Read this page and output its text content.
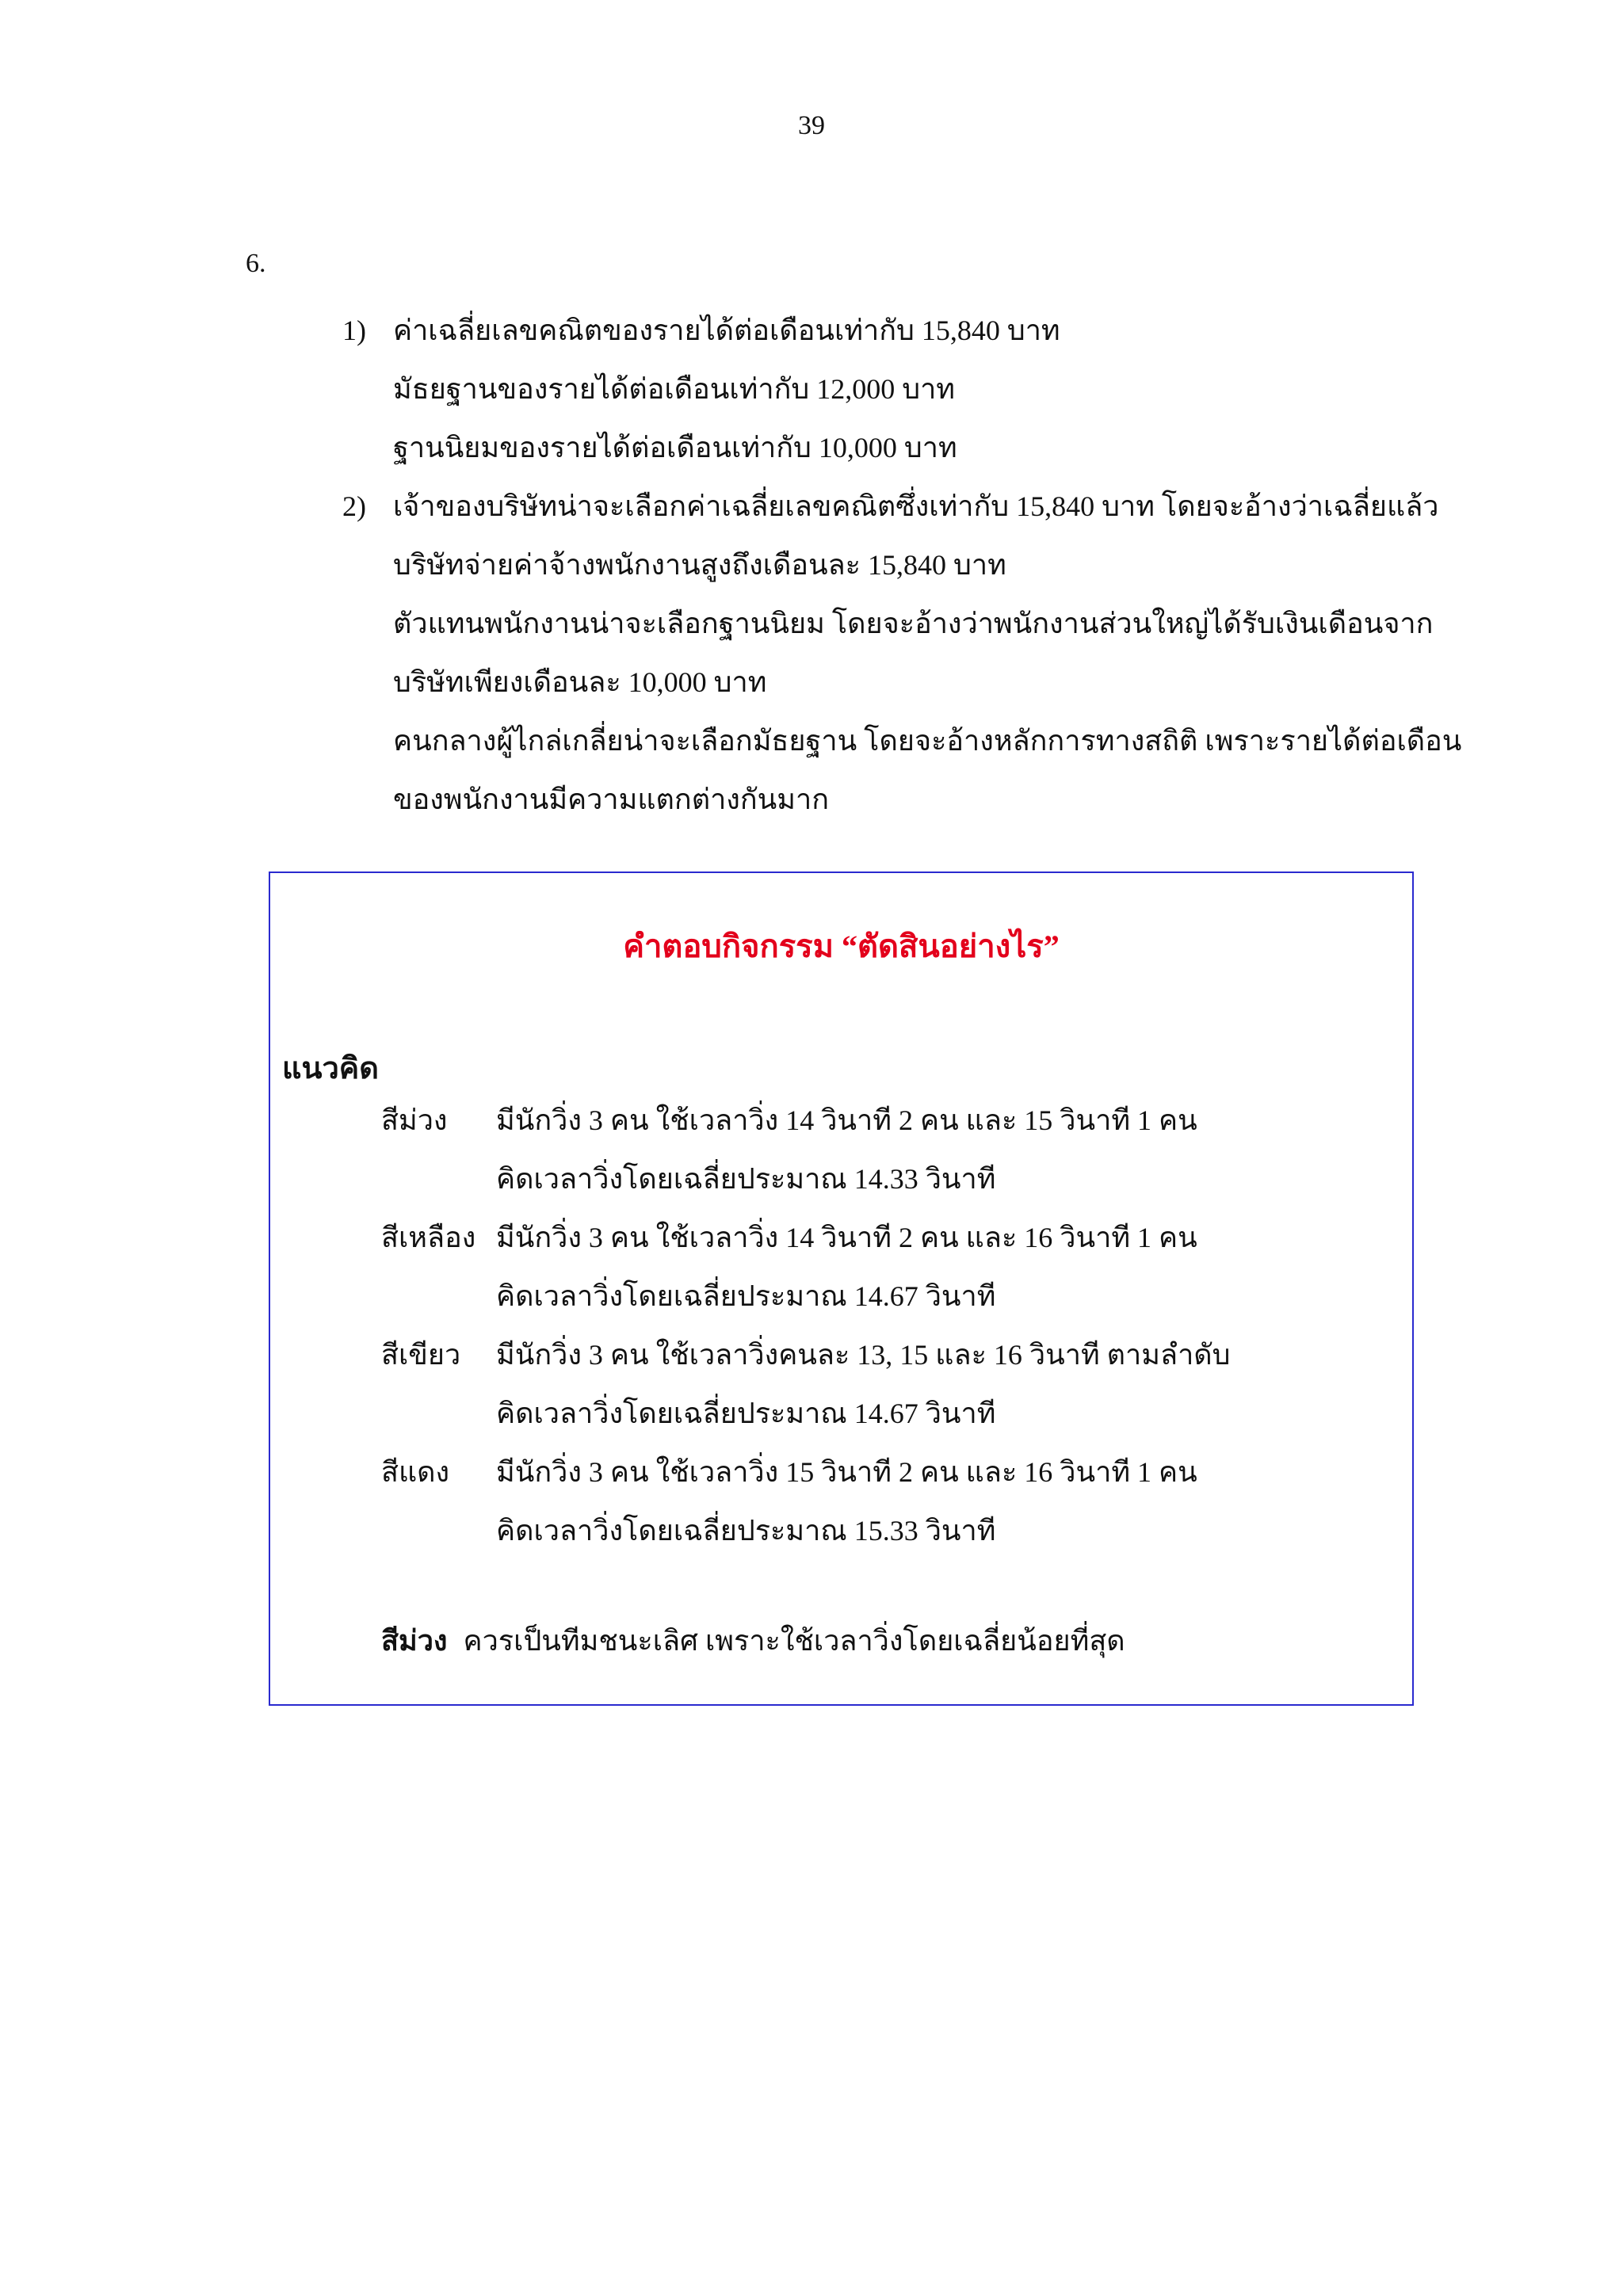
39
6.
1) ค่าเฉลี่ยเลขคณิตของรายได้ต่อเดือนเท่ากับ 15,840 บาท
มัธยฐานของรายได้ต่อเดือนเท่ากับ 12,000 บาท
ฐานนิยมของรายได้ต่อเดือนเท่ากับ 10,000 บาท
2) เจ้าของบริษัทน่าจะเลือกค่าเฉลี่ยเลขคณิตซึ่งเท่ากับ 15,840 บาท โดยจะอ้างว่าเฉลี่ยแล้ว
บริษัทจ่ายค่าจ้างพนักงานสูงถึงเดือนละ 15,840 บาท
ตัวแทนพนักงานน่าจะเลือกฐานนิยม โดยจะอ้างว่าพนักงานส่วนใหญ่ได้รับเงินเดือนจาก
บริษัทเพียงเดือนละ 10,000 บาท
คนกลางผู้ไกล่เกลี่ยน่าจะเลือกมัธยฐาน โดยจะอ้างหลักการทางสถิติ เพราะรายได้ต่อเดือน
ของพนักงานมีความแตกต่างกันมาก
คำตอบกิจกรรม “ตัดสินอย่างไร”
แนวคิด
สีม่วง มีนักวิ่ง 3 คน ใช้เวลาวิ่ง 14 วินาที 2 คน และ 15 วินาที 1 คน
คิดเวลาวิ่งโดยเฉลี่ยประมาณ 14.33 วินาที
สีเหลือง มีนักวิ่ง 3 คน ใช้เวลาวิ่ง 14 วินาที 2 คน และ 16 วินาที 1 คน
คิดเวลาวิ่งโดยเฉลี่ยประมาณ 14.67 วินาที
สีเขียว มีนักวิ่ง 3 คน ใช้เวลาวิ่งคนละ 13, 15 และ 16 วินาที ตามลำดับ
คิดเวลาวิ่งโดยเฉลี่ยประมาณ 14.67 วินาที
สีแดง มีนักวิ่ง 3 คน ใช้เวลาวิ่ง 15 วินาที 2 คน และ 16 วินาที 1 คน
คิดเวลาวิ่งโดยเฉลี่ยประมาณ 15.33 วินาที
สีม่วง ควรเป็นทีมชนะเลิศ เพราะใช้เวลาวิ่งโดยเฉลี่ยน้อยที่สุด
